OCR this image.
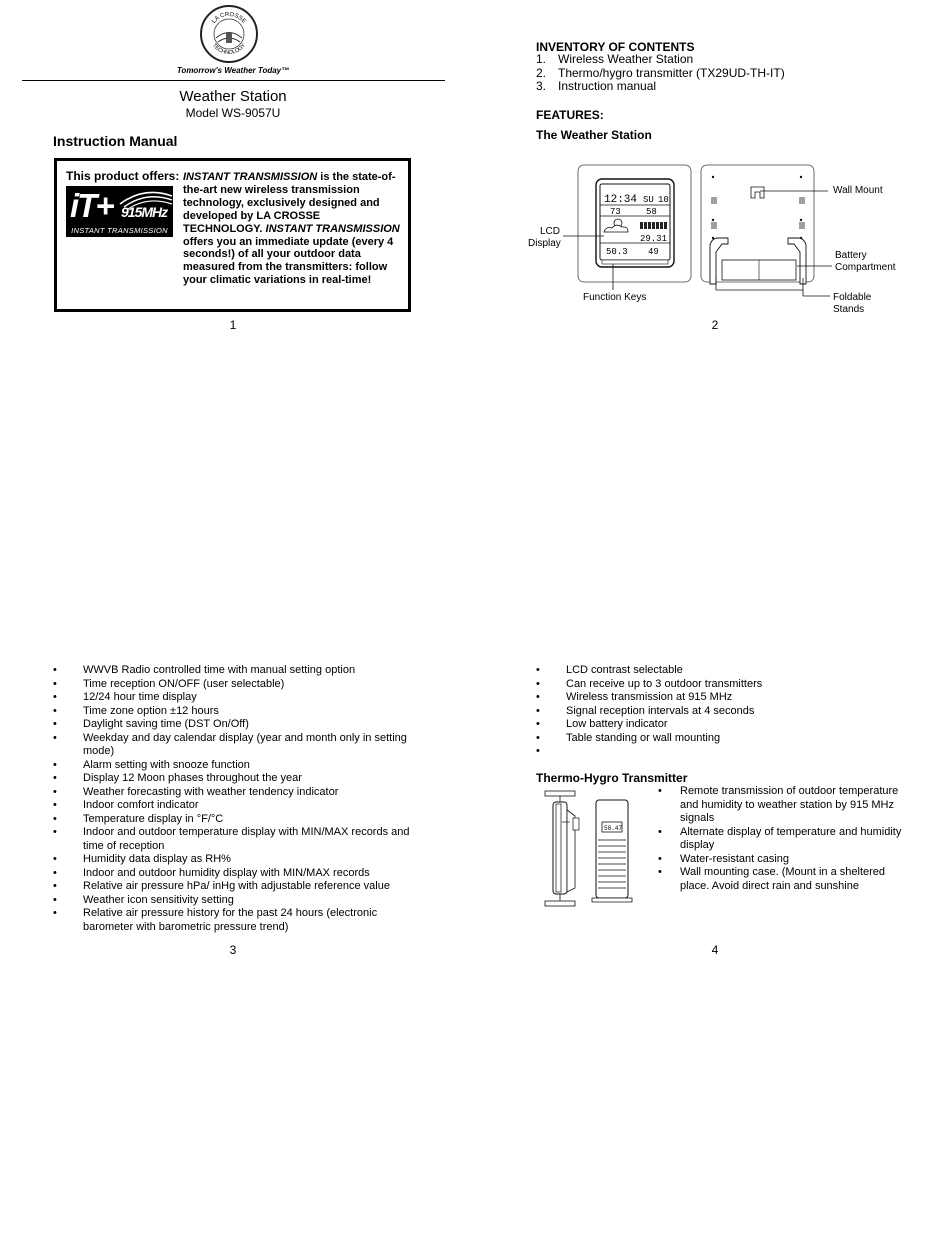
LA CROSSE
TECHNOLOGY
Tomorrow's Weather Today™
Weather Station
Model WS-9057U
Instruction Manual
This product offers:
iT+ 915MHz
INSTANT TRANSMISSION
INSTANT TRANSMISSION is the state-of-the-art new wireless transmission technology, exclusively designed and developed by LA CROSSE TECHNOLOGY. INSTANT TRANSMISSION offers you an immediate update (every 4 seconds!) of all your outdoor data measured from the transmitters: follow your climatic variations in real-time!
1
INVENTORY OF CONTENTS
1. Wireless Weather Station
2. Thermo/hygro transmitter (TX29UD-TH-IT)
3. Instruction manual
FEATURES:
The Weather Station
12:34 SU 10
73	58
29.31
50.3 49
LCD
Display
Function Keys
Wall Mount
Battery
Compartment
Foldable
Stands
2
• WWVB Radio controlled time with manual setting option
• Time reception ON/OFF (user selectable)
• 12/24 hour time display
• Time zone option ±12 hours
• Daylight saving time (DST On/Off)
• Weekday and day calendar display (year and month only in setting mode)
• Alarm setting with snooze function
• Display 12 Moon phases throughout the year
• Weather forecasting with weather tendency indicator
• Indoor comfort indicator
• Temperature display in °F/°C
• Indoor and outdoor temperature display with MIN/MAX records and time of reception
• Humidity data display as RH%
• Indoor and outdoor humidity display with MIN/MAX records
• Relative air pressure hPa/ inHg with adjustable reference value
• Weather icon sensitivity setting
• Relative air pressure history for the past 24 hours (electronic barometer with barometric pressure trend)
3
• LCD contrast selectable
• Can receive up to 3 outdoor transmitters
• Wireless transmission at 915 MHz
• Signal reception intervals at 4 seconds
• Low battery indicator
• Table standing or wall mounting
•
Thermo-Hygro Transmitter
58.47
• Remote transmission of outdoor temperature and humidity to weather station by 915 MHz signals
• Alternate display of temperature and humidity display
• Water-resistant casing
• Wall mounting case. (Mount in a sheltered place. Avoid direct rain and sunshine
4
